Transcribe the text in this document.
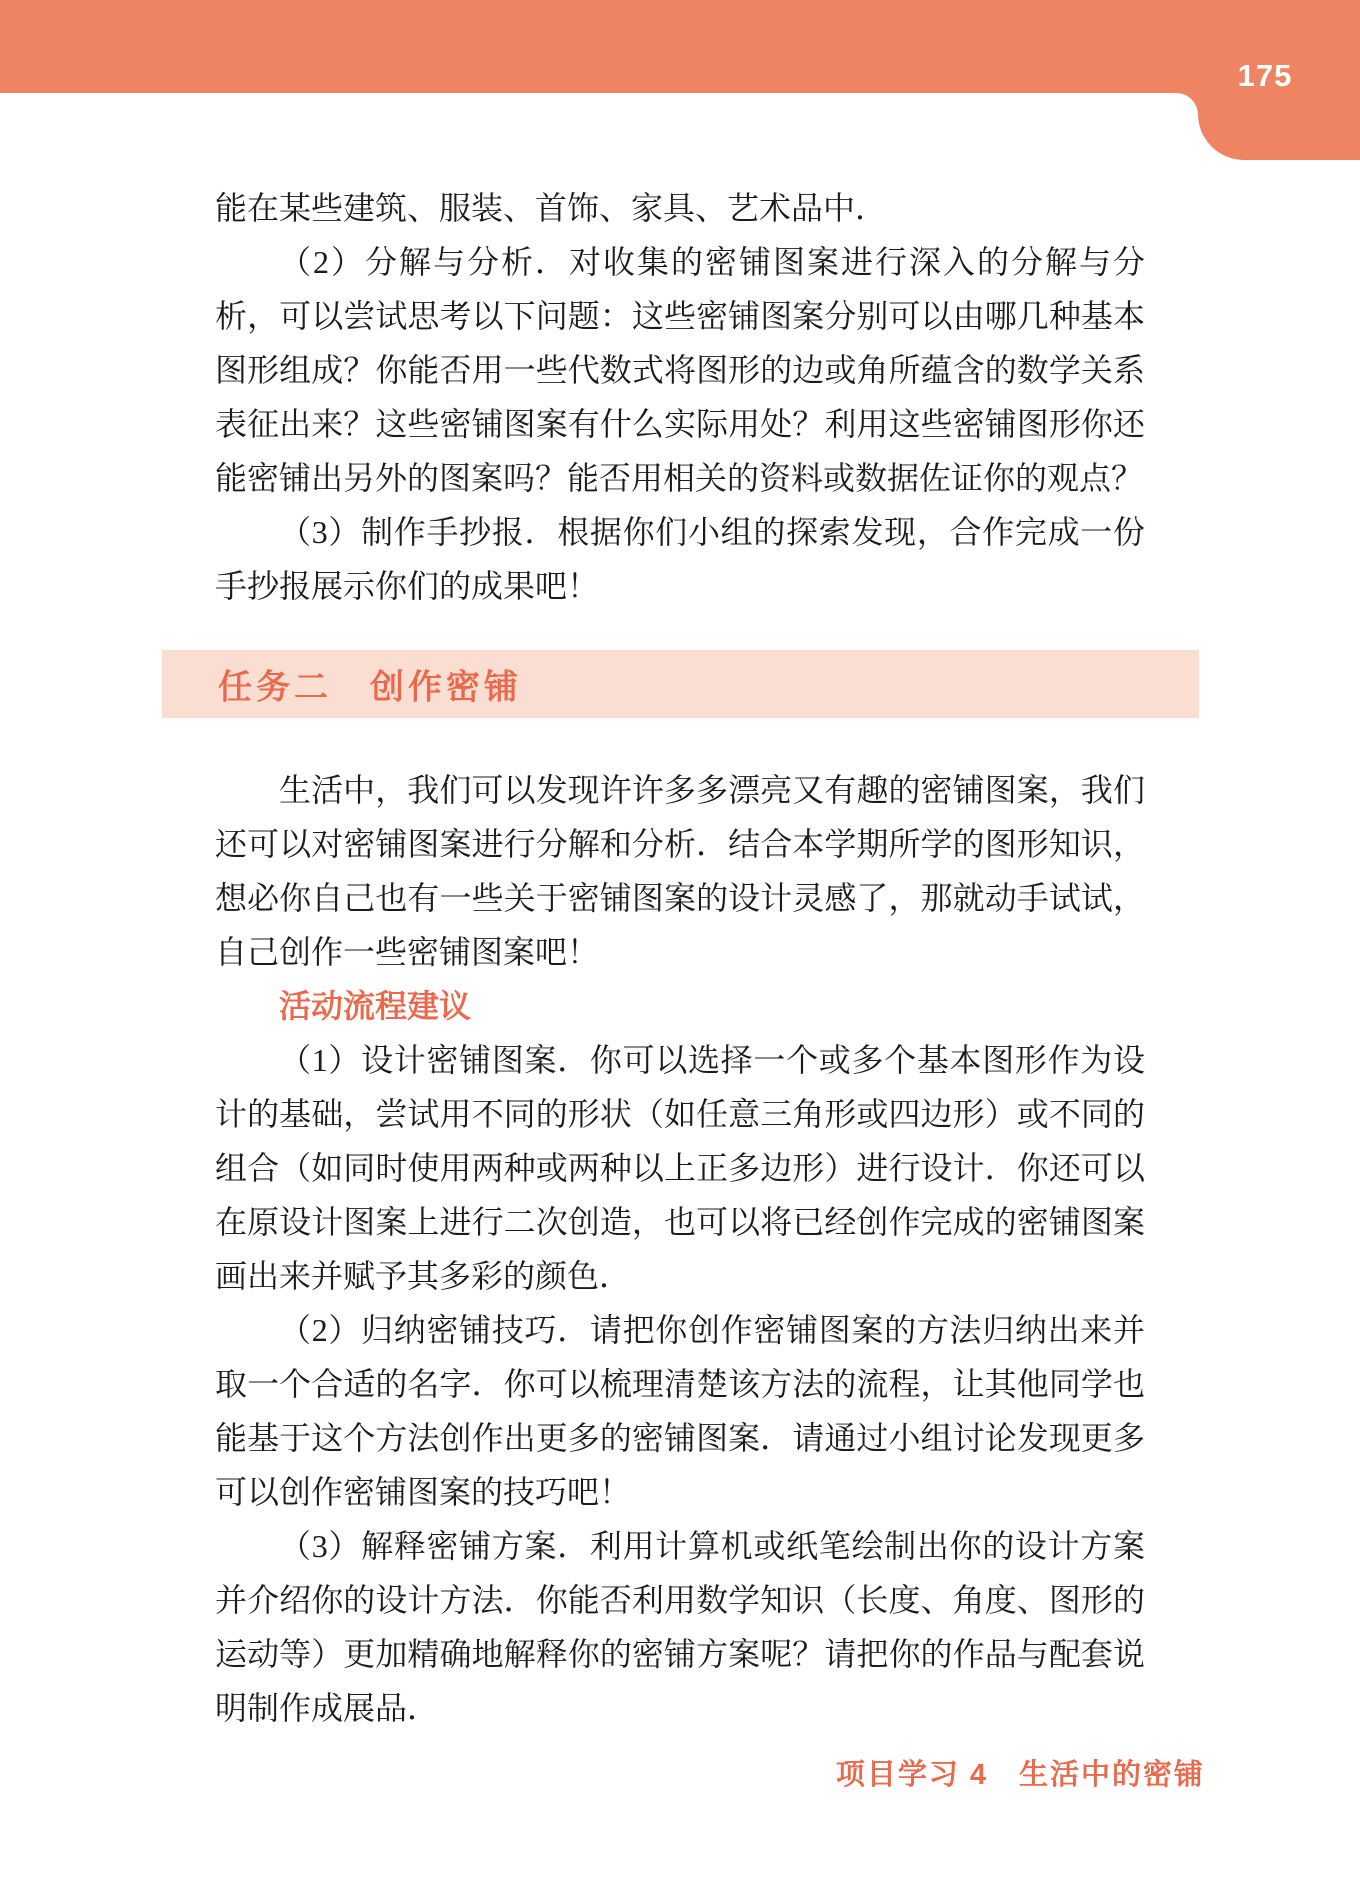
175

能在某些建筑、服装、首饰、家具、艺术品中．

（2）分解与分析．对收集的密铺图案进行深入的分解与分析，可以尝试思考以下问题：这些密铺图案分别可以由哪几种基本图形组成？你能否用一些代数式将图形的边或角所蕴含的数学关系表征出来？这些密铺图案有什么实际用处？利用这些密铺图形你还能密铺出另外的图案吗？能否用相关的资料或数据佐证你的观点？

（3）制作手抄报．根据你们小组的探索发现，合作完成一份手抄报展示你们的成果吧！

任务二　创作密铺

生活中，我们可以发现许许多多漂亮又有趣的密铺图案，我们还可以对密铺图案进行分解和分析．结合本学期所学的图形知识，想必你自己也有一些关于密铺图案的设计灵感了，那就动手试试，自己创作一些密铺图案吧！

活动流程建议

（1）设计密铺图案．你可以选择一个或多个基本图形作为设计的基础，尝试用不同的形状（如任意三角形或四边形）或不同的组合（如同时使用两种或两种以上正多边形）进行设计．你还可以在原设计图案上进行二次创造，也可以将已经创作完成的密铺图案画出来并赋予其多彩的颜色．

（2）归纳密铺技巧．请把你创作密铺图案的方法归纳出来并取一个合适的名字．你可以梳理清楚该方法的流程，让其他同学也能基于这个方法创作出更多的密铺图案．请通过小组讨论发现更多可以创作密铺图案的技巧吧！

（3）解释密铺方案．利用计算机或纸笔绘制出你的设计方案并介绍你的设计方法．你能否利用数学知识（长度、角度、图形的运动等）更加精确地解释你的密铺方案呢？请把你的作品与配套说明制作成展品．

项目学习 4　生活中的密铺
